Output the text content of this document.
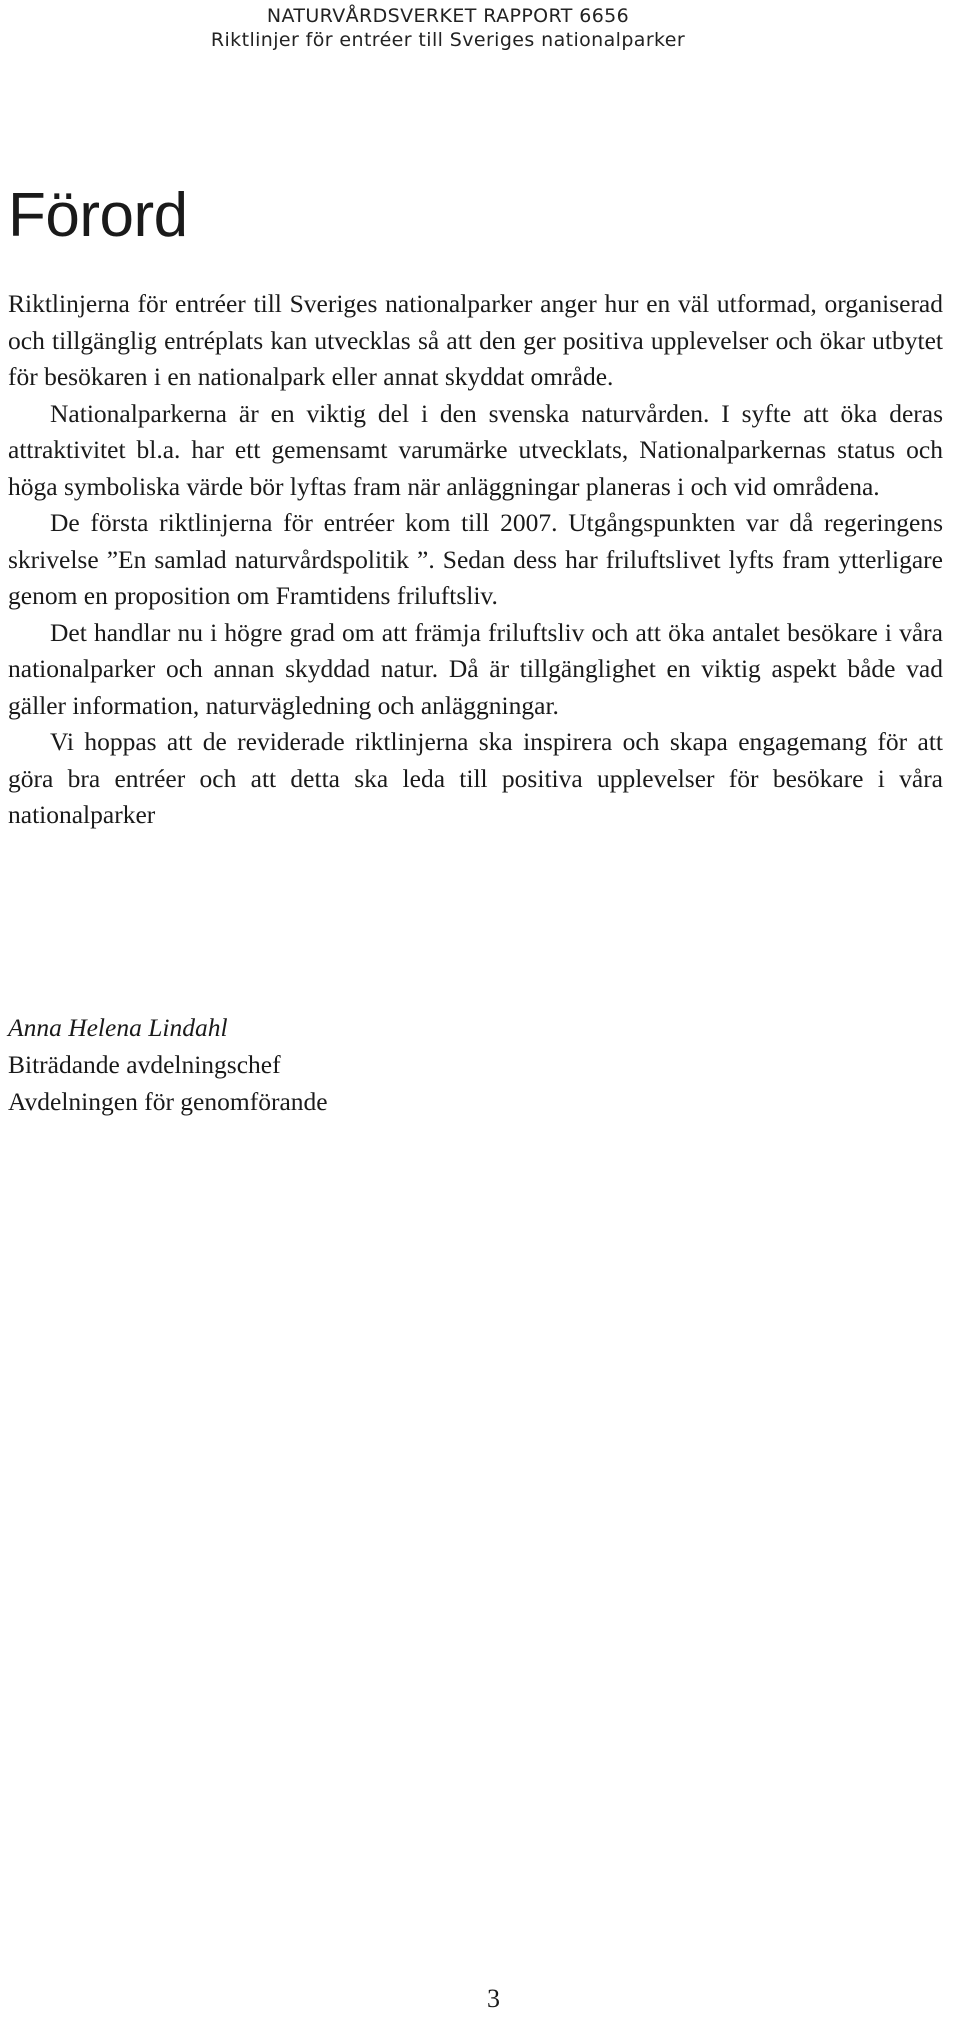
NATURVÅRDSVERKET RAPPORT 6656
Riktlinjer för entréer till Sveriges nationalparker
Förord

Riktlinjerna för entréer till Sveriges nationalparker anger hur en väl utformad, organiserad och tillgänglig entréplats kan utvecklas så att den ger positiva upplevelser och ökar utbytet för besökaren i en nationalpark eller annat skyddat område.

Nationalparkerna är en viktig del i den svenska naturvården. I syfte att öka deras attraktivitet bl.a. har ett gemensamt varumärke utvecklats, Nationalparkernas status och höga symboliska värde bör lyftas fram när anläggningar planeras i och vid områdena.

De första riktlinjerna för entréer kom till 2007. Utgångspunkten var då regeringens skrivelse ”En samlad naturvårdspolitik ”. Sedan dess har friluftslivet lyfts fram ytterligare genom en proposition om Framtidens friluftsliv.

Det handlar nu i högre grad om att främja friluftsliv och att öka antalet besökare i våra nationalparker och annan skyddad natur. Då är tillgänglighet en viktig aspekt både vad gäller information, naturvägledning och anläggningar.

Vi hoppas att de reviderade riktlinjerna ska inspirera och skapa engagemang för att göra bra entréer och att detta ska leda till positiva upplevelser för besökare i våra nationalparker

Anna Helena Lindahl
Biträdande avdelningschef
Avdelningen för genomförande
3
